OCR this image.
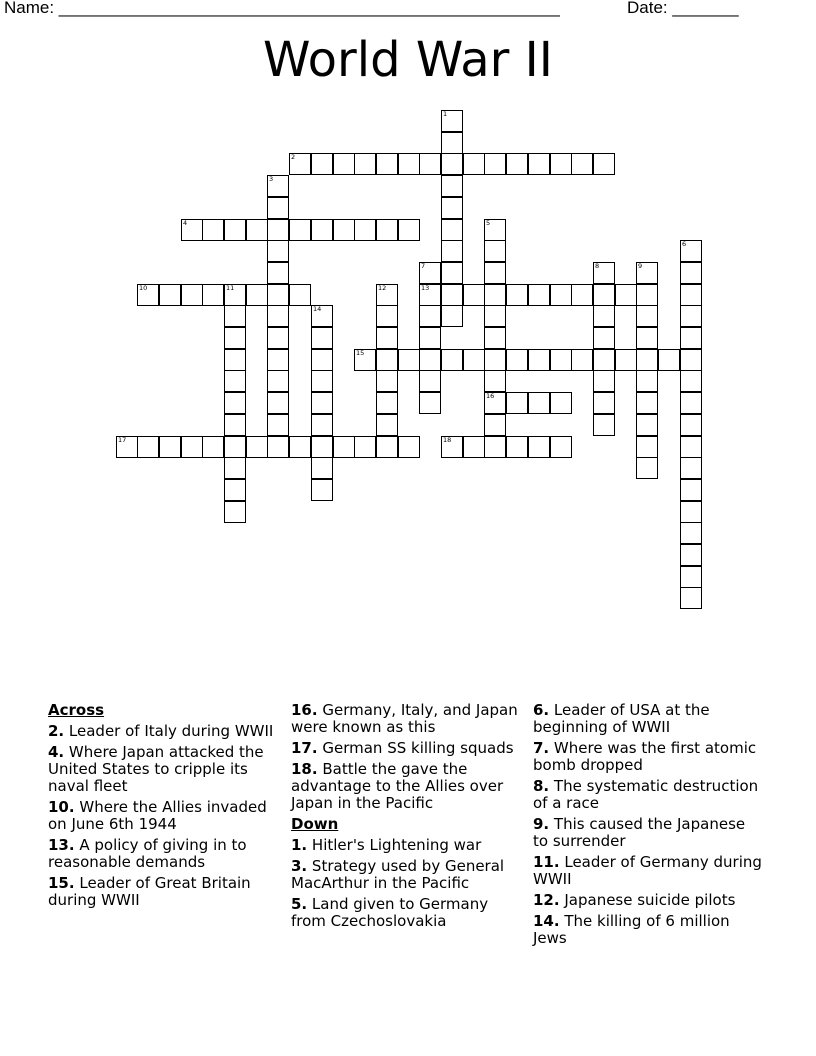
Name: _____________________________________________________	Date: _______
World War II
1
2
3
4	5
16
6
7
13
8	9
10	11	12
14
15
17	18
Across
2. Leader of Italy during WWII
4. Where Japan attacked the United States to cripple its naval fleet
10. Where the Allies invaded on June 6th 1944
13. A policy of giving in to reasonable demands
15. Leader of Great Britain during WWII
16. Germany, Italy, and Japan were known as this
17. German SS killing squads
18. Battle the gave the advantage to the Allies over Japan in the Pacific
Down
1. Hitler's Lightening war
3. Strategy used by General MacArthur in the Pacific
5. Land given to Germany from Czechoslovakia
6. Leader of USA at the beginning of WWII
7. Where was the first atomic bomb dropped
8. The systematic destruction of a race
9. This caused the Japanese to surrender
11. Leader of Germany during WWII
12. Japanese suicide pilots
14. The killing of 6 million Jews
